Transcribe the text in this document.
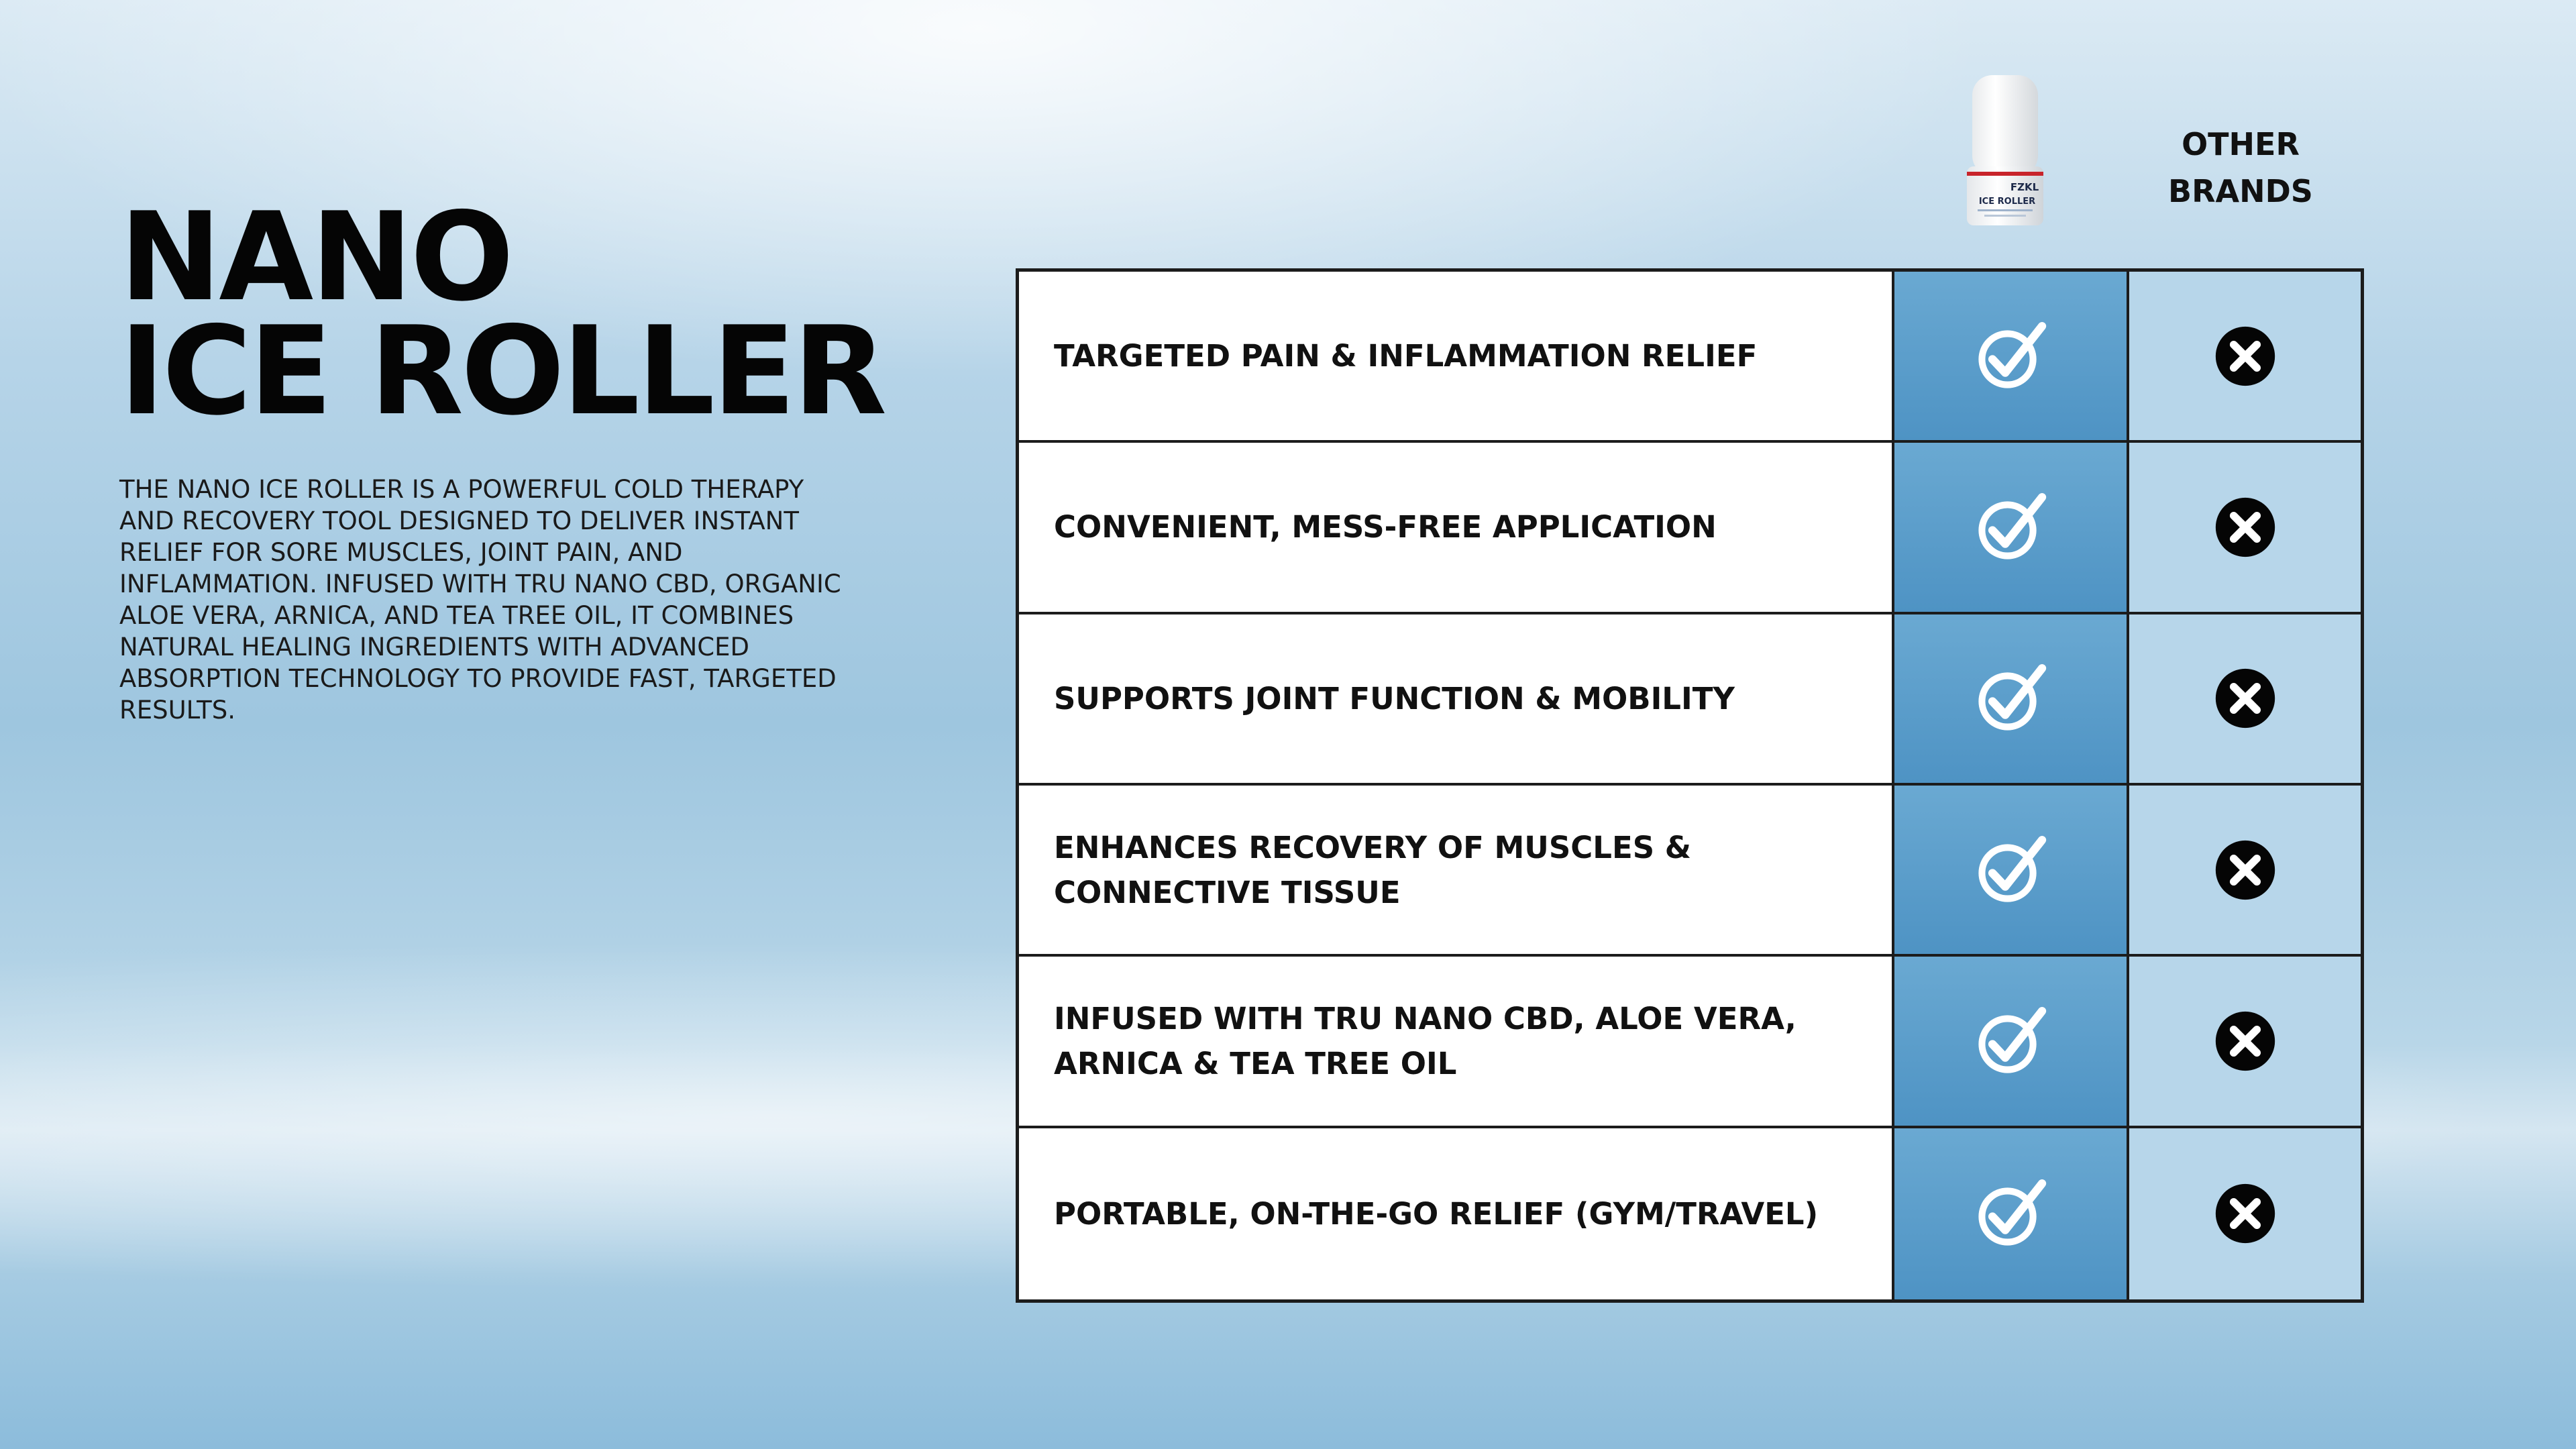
NANO
ICE ROLLER

THE NANO ICE ROLLER IS A POWERFUL COLD THERAPY AND RECOVERY TOOL DESIGNED TO DELIVER INSTANT RELIEF FOR SORE MUSCLES, JOINT PAIN, AND INFLAMMATION. INFUSED WITH TRU NANO CBD, ORGANIC ALOE VERA, ARNICA, AND TEA TREE OIL, IT COMBINES NATURAL HEALING INGREDIENTS WITH ADVANCED ABSORPTION TECHNOLOGY TO PROVIDE FAST, TARGETED RESULTS.

FZKL
ICE ROLLER
OTHER
BRANDS
TARGETED PAIN & INFLAMMATION RELIEF
CONVENIENT, MESS-FREE APPLICATION
SUPPORTS JOINT FUNCTION & MOBILITY
ENHANCES RECOVERY OF MUSCLES & CONNECTIVE TISSUE
INFUSED WITH TRU NANO CBD, ALOE VERA, ARNICA & TEA TREE OIL
PORTABLE, ON-THE-GO RELIEF (GYM/TRAVEL)
